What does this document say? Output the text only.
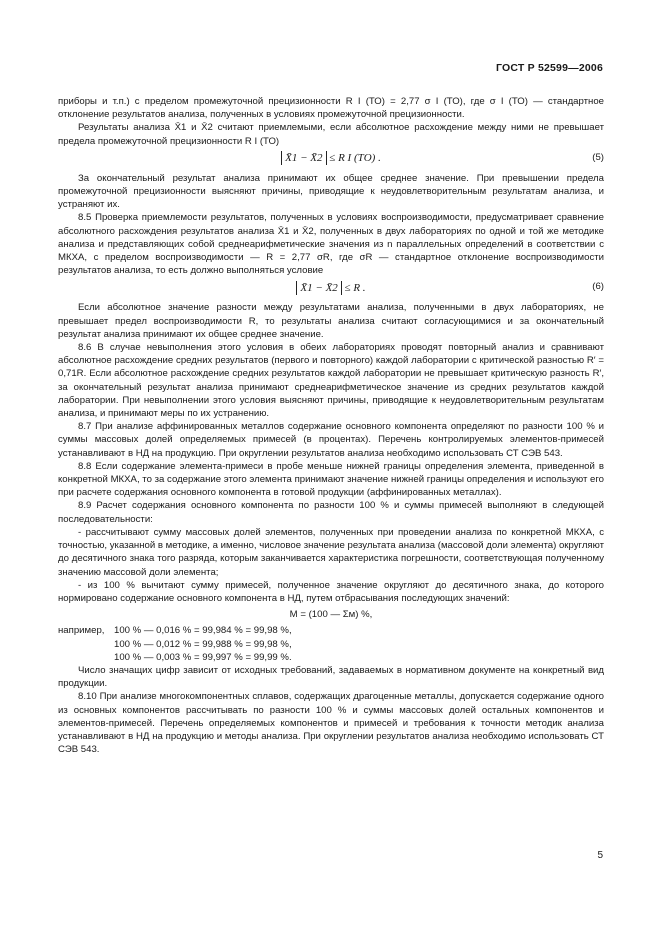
ГОСТ Р 52599—2006

приборы и т.п.) с пределом промежуточной прецизионности R I (ТО) = 2,77 σ I (ТО), где σ I (ТО) — стандартное отклонение результатов анализа, полученных в условиях промежуточной прецизионности.

Результаты анализа X̄1 и X̄2 считают приемлемыми, если абсолютное расхождение между ними не превышает предела промежуточной прецизионности R I (ТО)

X̄1 − X̄2 ≤ R I (ТО) .	(5)

За окончательный результат анализа принимают их общее среднее значение. При превышении предела промежуточной прецизионности выясняют причины, приводящие к неудовлетворительным результатам анализа, и устраняют их.

8.5 Проверка приемлемости результатов, полученных в условиях воспроизводимости, предусматривает сравнение абсолютного расхождения результатов анализа X̄1 и X̄2, полученных в двух лабораториях по одной и той же методике анализа и представляющих собой среднеарифметические значения из n параллельных определений в соответствии с МКХА, с пределом воспроизводимости — R = 2,77 σR, где σR — стандартное отклонение воспроизводимости результатов анализа, то есть должно выполняться условие

X̄1 − X̄2 ≤ R .	(6)

Если абсолютное значение разности между результатами анализа, полученными в двух лабораториях, не превышает предел воспроизводимости R, то результаты анализа считают согласующимися и за окончательный результат анализа принимают их общее среднее значение.

8.6 В случае невыполнения этого условия в обеих лабораториях проводят повторный анализ и сравнивают абсолютное расхождение средних результатов (первого и повторного) каждой лаборатории с критической разностью R′ = 0,71R. Если абсолютное расхождение средних результатов каждой лаборатории не превышает критическую разность R′, за окончательный результат анализа принимают среднеарифметическое значение из средних результатов каждой лаборатории. При невыполнении этого условия выясняют причины, приводящие к неудовлетворительным результатам анализа, и принимают меры по их устранению.

8.7 При анализе аффинированных металлов содержание основного компонента определяют по разности 100 % и суммы массовых долей определяемых примесей (в процентах). Перечень контролируемых элементов-примесей устанавливают в НД на продукцию. При округлении результатов анализа необходимо использовать СТ СЭВ 543.

8.8 Если содержание элемента-примеси в пробе меньше нижней границы определения элемента, приведенной в конкретной МКХА, то за содержание этого элемента принимают значение нижней границы определения и используют его при расчете содержания основного компонента в готовой продукции (аффинированных металлах).

8.9 Расчет содержания основного компонента по разности 100 % и суммы примесей выполняют в следующей последовательности:

- рассчитывают сумму массовых долей элементов, полученных при проведении анализа по конкретной МКХА, с точностью, указанной в методике, а именно, числовое значение результата анализа (массовой доли элемента) округляют до десятичного знака того разряда, которым заканчивается характеристика погрешности, соответствующая полученному значению массовой доли элемента;

- из 100 % вычитают сумму примесей, полученное значение округляют до десятичного знака, до которого нормировано содержание основного компонента в НД, путем отбрасывания последующих значений:

M = (100 — Σм) %,

например, 100 % — 0,016 % = 99,984 % = 99,98 %,

100 % — 0,012 % = 99,988 % = 99,98 %,

100 % — 0,003 % = 99,997 % = 99,99 %.

Число значащих цифр зависит от исходных требований, задаваемых в нормативном документе на конкретный вид продукции.

8.10 При анализе многокомпонентных сплавов, содержащих драгоценные металлы, допускается содержание одного из основных компонентов рассчитывать по разности 100 % и суммы массовых долей остальных компонентов и элементов-примесей. Перечень определяемых компонентов и примесей и требования к точности методик анализа устанавливают в НД на продукцию и методы анализа. При округлении результатов анализа необходимо использовать СТ СЭВ 543.

5
